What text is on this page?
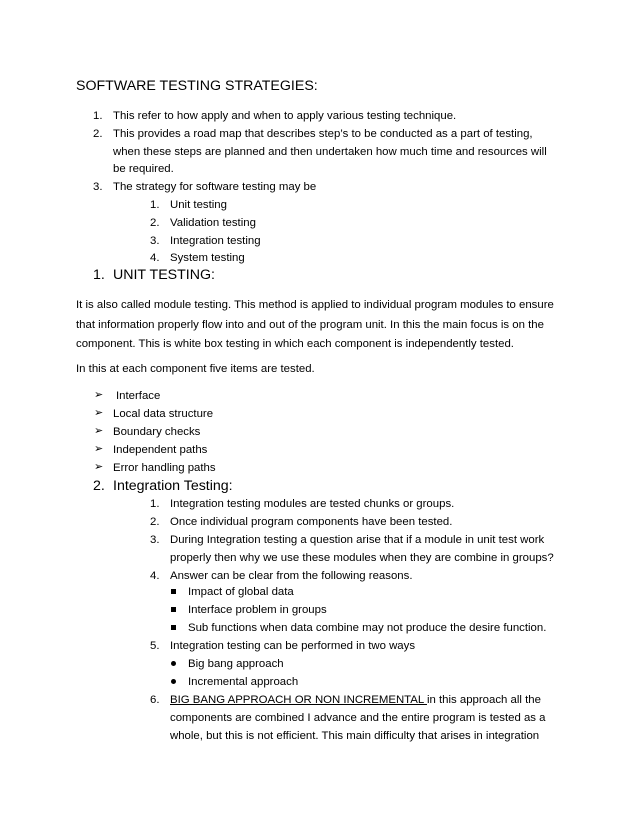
SOFTWARE TESTING STRATEGIES:
1. This refer to how apply and when to apply various testing technique.
2. This provides a road map that describes step’s to be conducted as a part of testing,
when these steps are planned and then undertaken how much time and resources will
be required.
3. The strategy for software testing may be
1. Unit testing
2. Validation testing
3. Integration testing
4. System testing
1. UNIT TESTING:
It is also called module testing. This method is applied to individual program modules to ensure
that information properly flow into and out of the program unit. In this the main focus is on the
component. This is white box testing in which each component is independently tested.
In this at each component five items are tested.
➢ Interface
➢ Local data structure
➢ Boundary checks
➢ Independent paths
➢ Error handling paths
2. Integration Testing:
1. Integration testing modules are tested chunks or groups.
2. Once individual program components have been tested.
3. During Integration testing a question arise that if a module in unit test work
properly then why we use these modules when they are combine in groups?
4. Answer can be clear from the following reasons.
Impact of global data
Interface problem in groups
Sub functions when data combine may not produce the desire function.
5. Integration testing can be performed in two ways
Big bang approach
Incremental approach
6. BIG BANG APPROACH OR NON INCREMENTAL in this approach all the
components are combined I advance and the entire program is tested as a
whole, but this is not efficient. This main difficulty that arises in integration
